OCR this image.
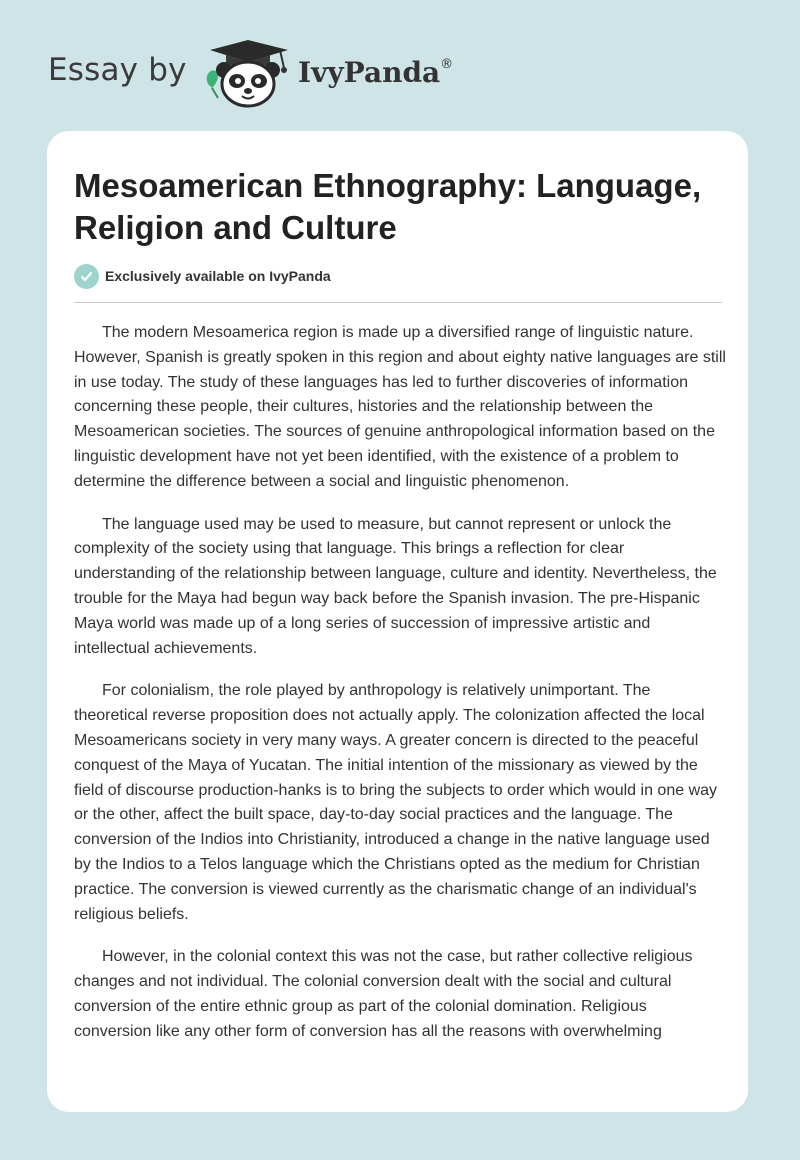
Essay by	IvyPanda®
Mesoamerican Ethnography: Language, Religion and Culture
Exclusively available on IvyPanda

The modern Mesoamerica region is made up a diversified range of linguistic nature. However, Spanish is greatly spoken in this region and about eighty native languages are still in use today. The study of these languages has led to further discoveries of information concerning these people, their cultures, histories and the relationship between the Mesoamerican societies. The sources of genuine anthropological information based on the linguistic development have not yet been identified, with the existence of a problem to determine the difference between a social and linguistic phenomenon.

The language used may be used to measure, but cannot represent or unlock the complexity of the society using that language. This brings a reflection for clear understanding of the relationship between language, culture and identity. Nevertheless, the trouble for the Maya had begun way back before the Spanish invasion. The pre-Hispanic Maya world was made up of a long series of succession of impressive artistic and intellectual achievements.

For colonialism, the role played by anthropology is relatively unimportant. The theoretical reverse proposition does not actually apply. The colonization affected the local Mesoamericans society in very many ways. A greater concern is directed to the peaceful conquest of the Maya of Yucatan. The initial intention of the missionary as viewed by the field of discourse production-hanks is to bring the subjects to order which would in one way or the other, affect the built space, day-to-day social practices and the language. The conversion of the Indios into Christianity, introduced a change in the native language used by the Indios to a Telos language which the Christians opted as the medium for Christian practice. The conversion is viewed currently as the charismatic change of an individual's religious beliefs.

However, in the colonial context this was not the case, but rather collective religious changes and not individual. The colonial conversion dealt with the social and cultural conversion of the entire ethnic group as part of the colonial domination. Religious conversion like any other form of conversion has all the reasons with overwhelming
